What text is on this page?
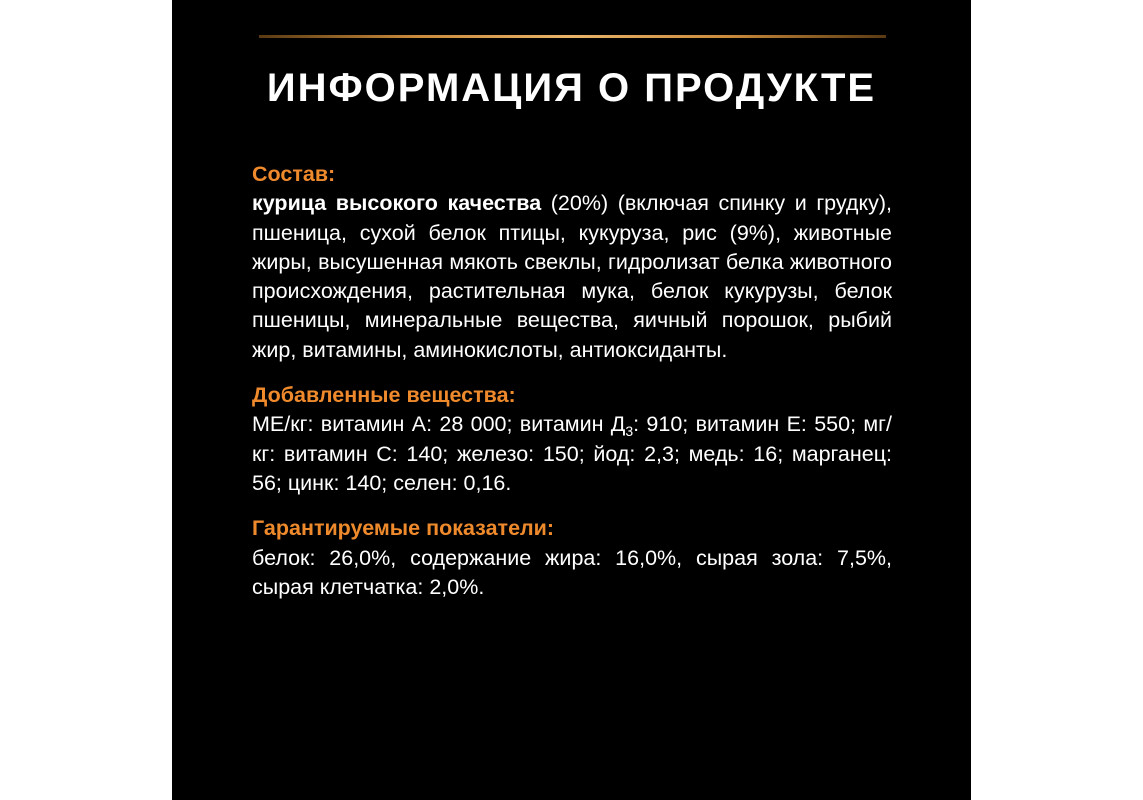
ИНФОРМАЦИЯ О ПРОДУКТЕ

Состав:

курица высокого качества (20%) (включая спинку и грудку), пшеница, сухой белок птицы, кукуруза, рис (9%), животные жиры, высушенная мякоть свеклы, гидролизат белка животного происхождения, растительная мука, белок кукурузы, белок пшеницы, минеральные вещества, яичный порошок, рыбий жир, витамины, аминокислоты, антиоксиданты.

Добавленные вещества:

МЕ/кг: витамин А: 28 000; витамин $Д_3$: 910; витамин Е: 550; мг/кг: витамин С: 140; железо: 150; йод: 2,3; медь: 16; марганец: 56; цинк: 140; селен: 0,16.

Гарантируемые показатели:

белок: 26,0%, содержание жира: 16,0%, сырая зола: 7,5%, сырая клетчатка: 2,0%.
